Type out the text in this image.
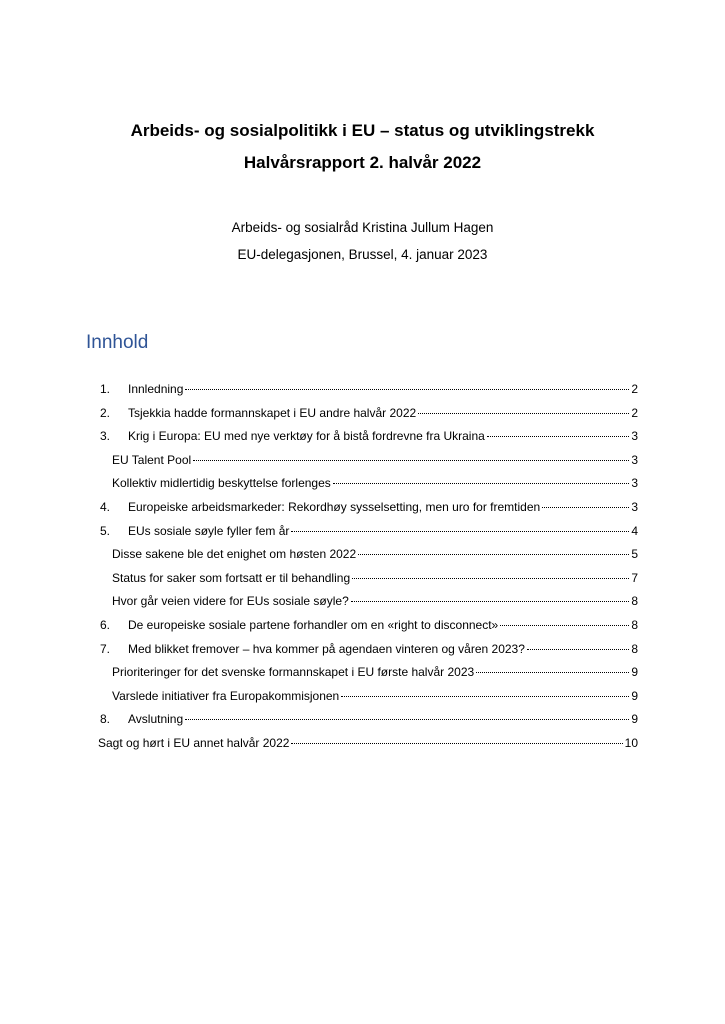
Arbeids- og sosialpolitikk i EU – status og utviklingstrekk
Halvårsrapport 2. halvår 2022
Arbeids- og sosialråd Kristina Jullum Hagen
EU-delegasjonen, Brussel, 4. januar 2023
Innhold
1.	Innledning	2
2.	Tsjekkia hadde formannskapet i EU andre halvår 2022	2
3.	Krig i Europa: EU med nye verktøy for å bistå fordrevne fra Ukraina	3
EU Talent Pool	3
Kollektiv midlertidig beskyttelse forlenges	3
4.	Europeiske arbeidsmarkeder: Rekordhøy sysselsetting, men uro for fremtiden	3
5.	EUs sosiale søyle fyller fem år	4
Disse sakene ble det enighet om høsten 2022	5
Status for saker som fortsatt er til behandling	7
Hvor går veien videre for EUs sosiale søyle?	8
6.	De europeiske sosiale partene forhandler om en «right to disconnect»	8
7.	Med blikket fremover – hva kommer på agendaen vinteren og våren 2023?	8
Prioriteringer for det svenske formannskapet i EU første halvår 2023	9
Varslede initiativer fra Europakommisjonen	9
8.	Avslutning	9
Sagt og hørt i EU annet halvår 2022	10
